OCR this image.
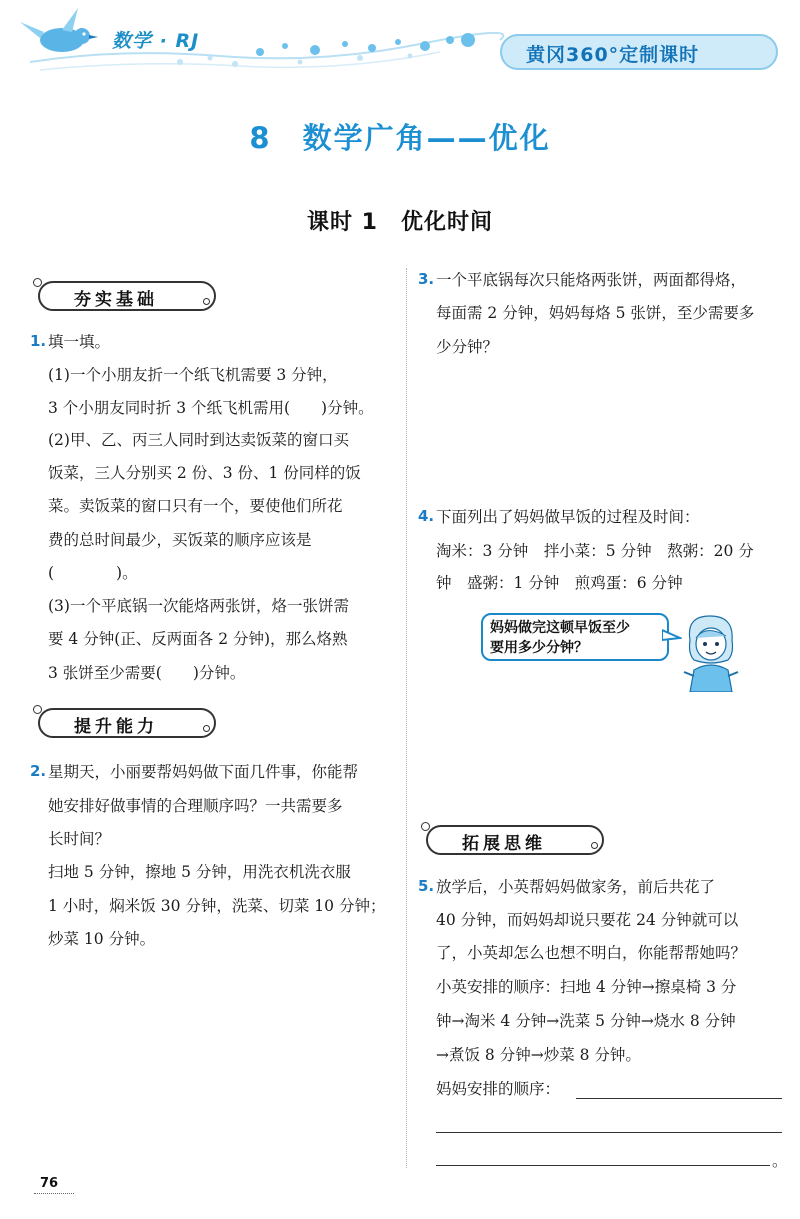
数学 · RJ
黄冈360°定制课时
8　数学广角——优化
课时 1　优化时间
夯实基础
1. 填一填。
(1)一个小朋友折一个纸飞机需要 3 分钟，
3 个小朋友同时折 3 个纸飞机需用(　　)分钟。
(2)甲、乙、丙三人同时到达卖饭菜的窗口买
饭菜，三人分别买 2 份、3 份、1 份同样的饭
菜。卖饭菜的窗口只有一个，要使他们所花
费的总时间最少，买饭菜的顺序应该是
(　　　　)。
(3)一个平底锅一次能烙两张饼，烙一张饼需
要 4 分钟(正、反两面各 2 分钟)，那么烙熟
3 张饼至少需要(　　)分钟。
提升能力
2. 星期天，小丽要帮妈妈做下面几件事，你能帮
她安排好做事情的合理顺序吗？一共需要多
长时间？
扫地 5 分钟，擦地 5 分钟，用洗衣机洗衣服
1 小时，焖米饭 30 分钟，洗菜、切菜 10 分钟；
炒菜 10 分钟。
3. 一个平底锅每次只能烙两张饼，两面都得烙，
每面需 2 分钟，妈妈每烙 5 张饼，至少需要多
少分钟？
4. 下面列出了妈妈做早饭的过程及时间：
淘米：3 分钟　拌小菜：5 分钟　熬粥：20 分
钟　盛粥：1 分钟　煎鸡蛋：6 分钟
妈妈做完这顿早饭至少
要用多少分钟？
拓展思维
5. 放学后，小英帮妈妈做家务，前后共花了
40 分钟，而妈妈却说只要花 24 分钟就可以
了，小英却怎么也想不明白，你能帮帮她吗？
小英安排的顺序：扫地 4 分钟→擦桌椅 3 分
钟→淘米 4 分钟→洗菜 5 分钟→烧水 8 分钟
→煮饭 8 分钟→炒菜 8 分钟。
妈妈安排的顺序：
。
76
